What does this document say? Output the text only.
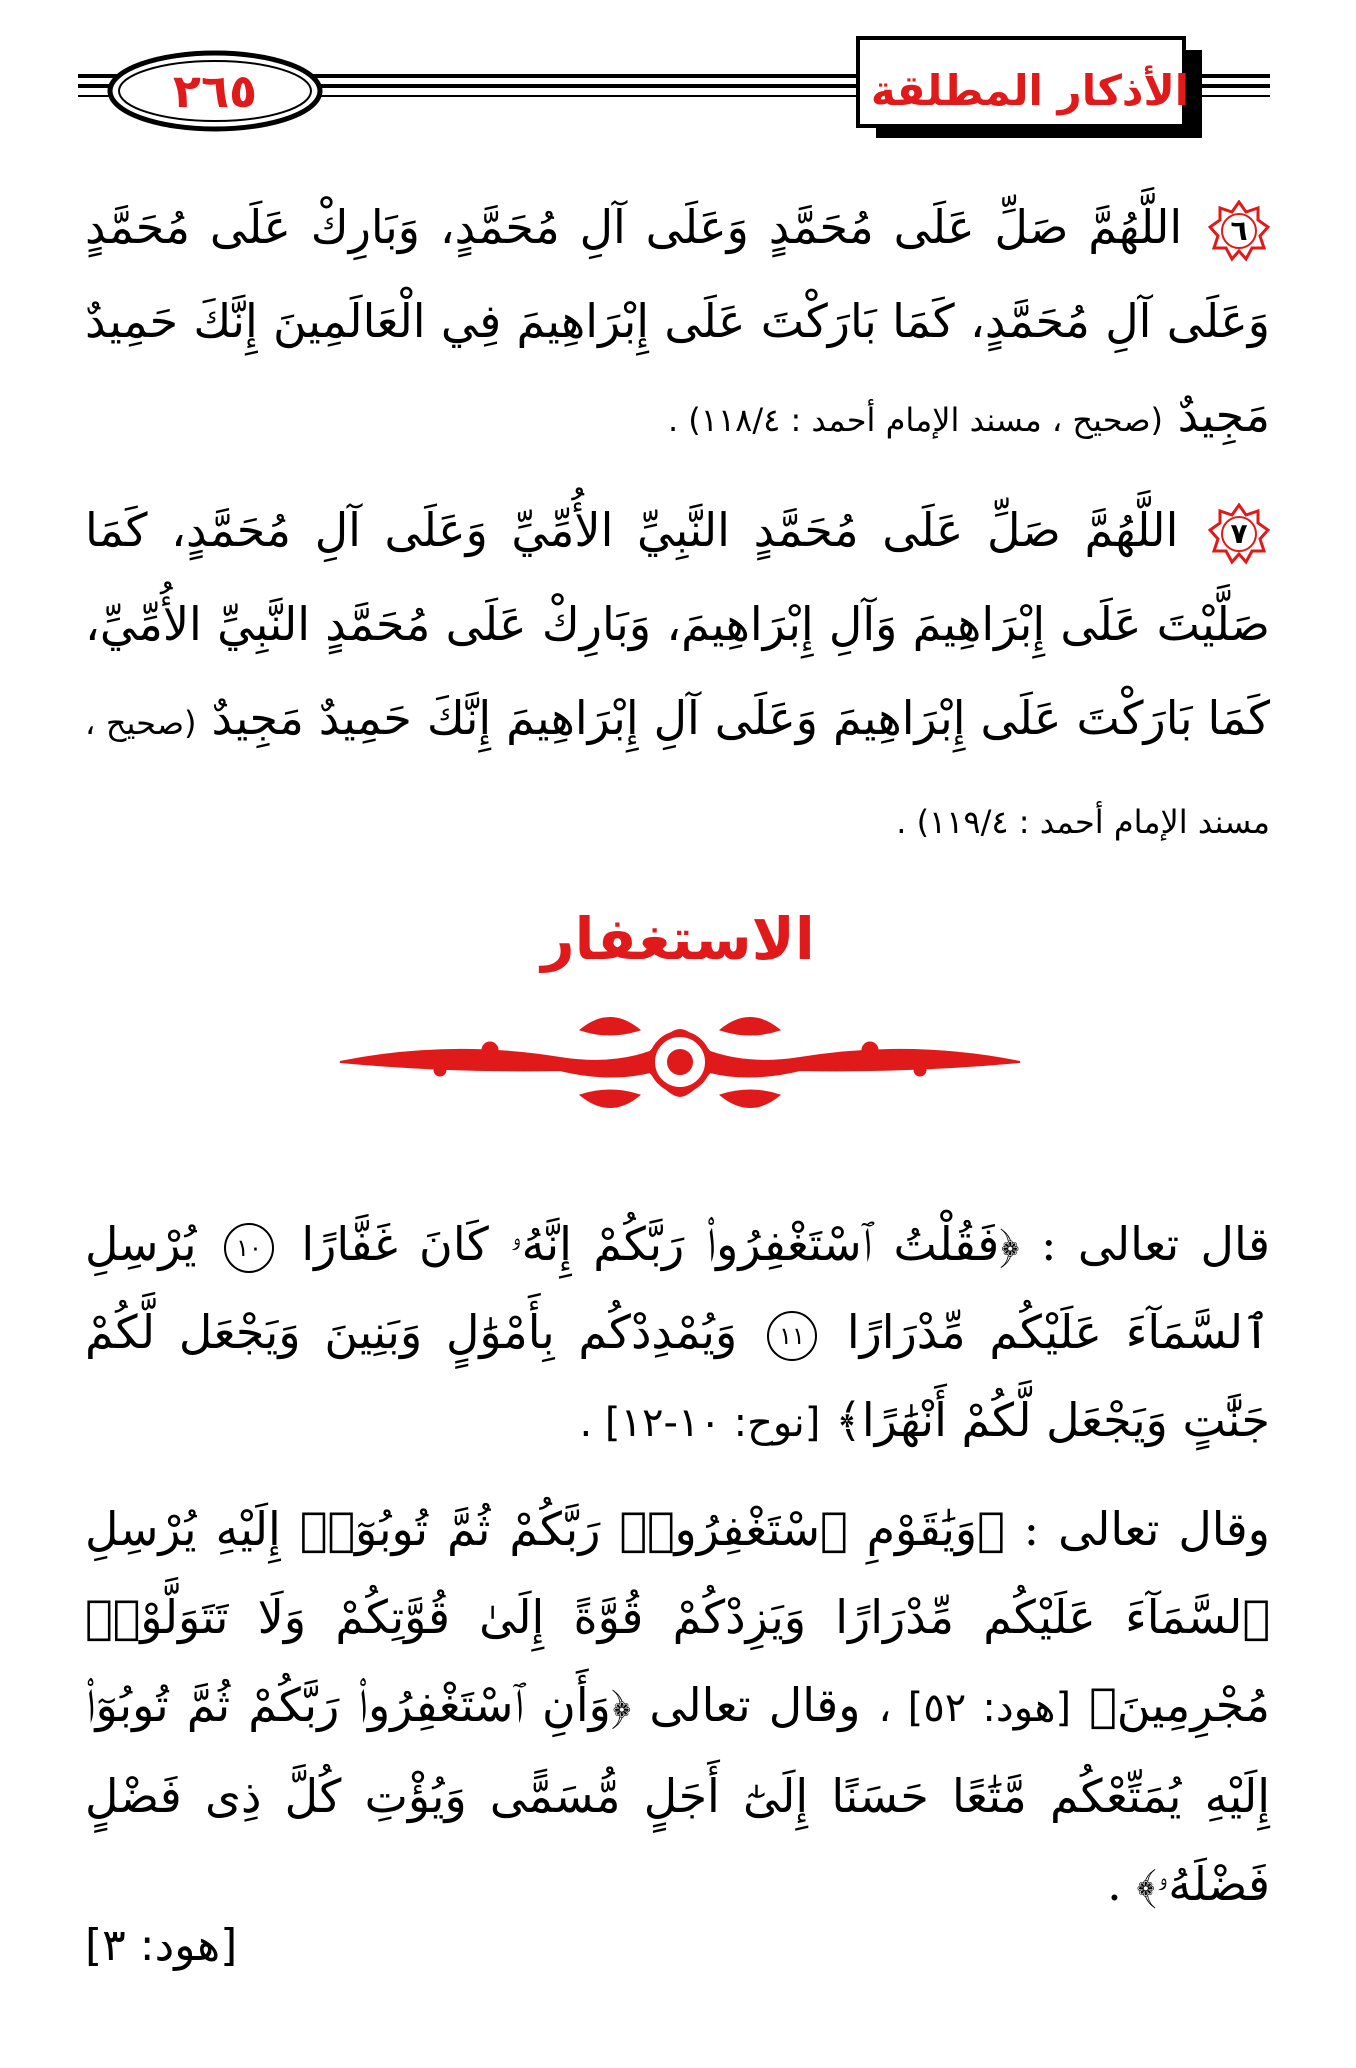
٢٦٥	الأذكار المطلقة

٦
اللَّهُمَّ صَلِّ عَلَى مُحَمَّدٍ وَعَلَى آلِ مُحَمَّدٍ، وَبَارِكْ عَلَى مُحَمَّدٍ وَعَلَى آلِ مُحَمَّدٍ، كَمَا بَارَكْتَ عَلَى إِبْرَاهِيمَ فِي الْعَالَمِينَ إِنَّكَ حَمِيدٌ مَجِيدٌ (صحيح ، مسند الإمام أحمد : ١١٨/٤) .

٧
اللَّهُمَّ صَلِّ عَلَى مُحَمَّدٍ النَّبِيِّ الأُمِّيِّ وَعَلَى آلِ مُحَمَّدٍ، كَمَا صَلَّيْتَ عَلَى إِبْرَاهِيمَ وَآلِ إِبْرَاهِيمَ، وَبَارِكْ عَلَى مُحَمَّدٍ النَّبِيِّ الأُمِّيِّ، كَمَا بَارَكْتَ عَلَى إِبْرَاهِيمَ وَعَلَى آلِ إِبْرَاهِيمَ إِنَّكَ حَمِيدٌ مَجِيدٌ (صحيح ، مسند الإمام أحمد : ١١٩/٤) .

الاستغفار

قال تعالى : ﴿فَقُلْتُ ٱسْتَغْفِرُوا۟ رَبَّكُمْ إِنَّهُۥ كَانَ غَفَّارًا ١٠ يُرْسِلِ ٱلسَّمَآءَ عَلَيْكُم مِّدْرَارًا ١١ وَيُمْدِدْكُم بِأَمْوَٰلٍ وَبَنِينَ وَيَجْعَل لَّكُمْ جَنَّٰتٍ وَيَجْعَل لَّكُمْ أَنْهَٰرًا﴾ [نوح: ١٠-١٢] .

وقال تعالى : ﴿وَيَٰقَوْمِ ٱسْتَغْفِرُوا۟ رَبَّكُمْ ثُمَّ تُوبُوٓا۟ إِلَيْهِ يُرْسِلِ ٱلسَّمَآءَ عَلَيْكُم مِّدْرَارًا وَيَزِدْكُمْ قُوَّةً إِلَىٰ قُوَّتِكُمْ وَلَا تَتَوَلَّوْا۟ مُجْرِمِينَ﴾ [هود: ٥٢] ، وقال تعالى ﴿وَأَنِ ٱسْتَغْفِرُوا۟ رَبَّكُمْ ثُمَّ تُوبُوٓا۟ إِلَيْهِ يُمَتِّعْكُم مَّتَٰعًا حَسَنًا إِلَىٰٓ أَجَلٍ مُّسَمًّى وَيُؤْتِ كُلَّ ذِى فَضْلٍ فَضْلَهُۥ﴾ .

[هود: ٣]
